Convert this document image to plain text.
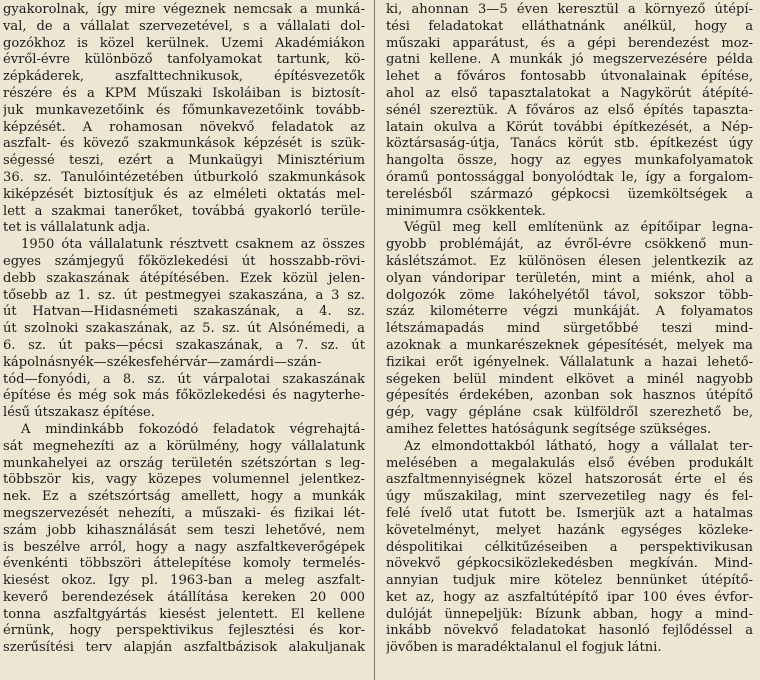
gyakorolnak, így mire végeznek nemcsak a munká-
val, de a vállalat szervezetével, s a vállalati dol-
gozókhoz is közel kerülnek. Üzemi Akadémiákon
évről-évre különböző tanfolyamokat tartunk, kö-
zépkáderek, aszfalttechnikusok, építésvezetők
részére és a KPM Műszaki Iskoláiban is biztosít-
juk munkavezetőink és főmunkavezetőink tovább-
képzését. A rohamosan növekvő feladatok az
aszfalt- és kövező szakmunkások képzését is szük-
ségessé teszi, ezért a Munkaügyi Minisztérium
36. sz. Tanulóintézetében útburkoló szakmunkások
kiképzését biztosítjuk és az elméleti oktatás mel-
lett a szakmai tanerőket, továbbá gyakorló terüle-
tet is vállalatunk adja.
1950 óta vállalatunk résztvett csaknem az összes
egyes számjegyű főközlekedési út hosszabb-rövi-
debb szakaszának átépítésében. Ezek közül jelen-
tősebb az 1. sz. út pestmegyei szakaszána, a 3 sz.
út Hatvan—Hidasnémeti szakaszának, a 4. sz.
út szolnoki szakaszának, az 5. sz. út Alsónémedi, a
6. sz. út paks—pécsi szakaszának, a 7. sz. út
kápolnásnyék—székesfehérvár—zamárdi—szán-
tód—fonyódi, a 8. sz. út várpalotai szakaszának
építése és még sok más főközlekedési és nagyterhe-
lésű útszakasz építése.
A mindinkább fokozódó feladatok végrehajtá-
sát megnehezíti az a körülmény, hogy vállalatunk
munkahelyei az ország területén szétszórtan s leg-
többször kis, vagy közepes volumennel jelentkez-
nek. Ez a szétszórtság amellett, hogy a munkák
megszervezését nehezíti, a műszaki- és fizikai lét-
szám jobb kihasználását sem teszi lehetővé, nem
is beszélve arról, hogy a nagy aszfaltkeverőgépek
évenkénti többszöri áttelepítése komoly termelés-
kiesést okoz. Így pl. 1963-ban a meleg aszfalt-
keverő berendezések átállítása kereken 20 000
tonna aszfaltgyártás kiesést jelentett. El kellene
érnünk, hogy perspektivikus fejlesztési és kor-
szerűsítési terv alapján aszfaltbázisok alakuljanak
ki, ahonnan 3—5 éven keresztül a környező útépí-
tési feladatokat elláthatnánk anélkül, hogy a
műszaki apparátust, és a gépi berendezést moz-
gatni kellene. A munkák jó megszervezésére példa
lehet a főváros fontosabb útvonalainak építése,
ahol az első tapasztalatokat a Nagykörút átépíté-
sénél szereztük. A főváros az első építés tapaszta-
latain okulva a Körút további építkezését, a Nép-
köztársaság-útja, Tanács körút stb. építkezést úgy
hangolta össze, hogy az egyes munkafolyamatok
óramű pontossággal bonyolódtak le, így a forgalom-
terelésből származó gépkocsi üzemköltségek a
minimumra csökkentek.
Végül meg kell említenünk az építőipar legna-
gyobb problémáját, az évről-évre csökkenő mun-
káslétszámot. Ez különösen élesen jelentkezik az
olyan vándoripar területén, mint a miénk, ahol a
dolgozók zöme lakóhelyétől távol, sokszor több-
száz kilométerre végzi munkáját. A folyamatos
létszámapadás mind sürgetőbbé teszi mind-
azoknak a munkarészeknek gépesítését, melyek ma
fizikai erőt igényelnek. Vállalatunk a hazai lehető-
ségeken belül mindent elkövet a minél nagyobb
gépesítés érdekében, azonban sok hasznos útépítő
gép, vagy gépláne csak külföldről szerezhető be,
amihez felettes hatóságunk segítsége szükséges.
Az elmondottakból látható, hogy a vállalat ter-
melésében a megalakulás első évében produkált
aszfaltmennyiségnek közel hatszorosát érte el és
úgy műszakilag, mint szervezetileg nagy és fel-
felé ívelő utat futott be. Ismerjük azt a hatalmas
követelményt, melyet hazánk egységes közleke-
déspolitikai célkitűzéseiben a perspektivikusan
növekvő gépkocsiközlekedésben megkíván. Mind-
annyian tudjuk mire kötelez bennünket útépítő-
ket az, hogy az aszfaltútépítő ipar 100 éves évfor-
dulóját ünnepeljük: Bízunk abban, hogy a mind-
inkább növekvő feladatokat hasonló fejlődéssel a
jövőben is maradéktalanul el fogjuk látni.
